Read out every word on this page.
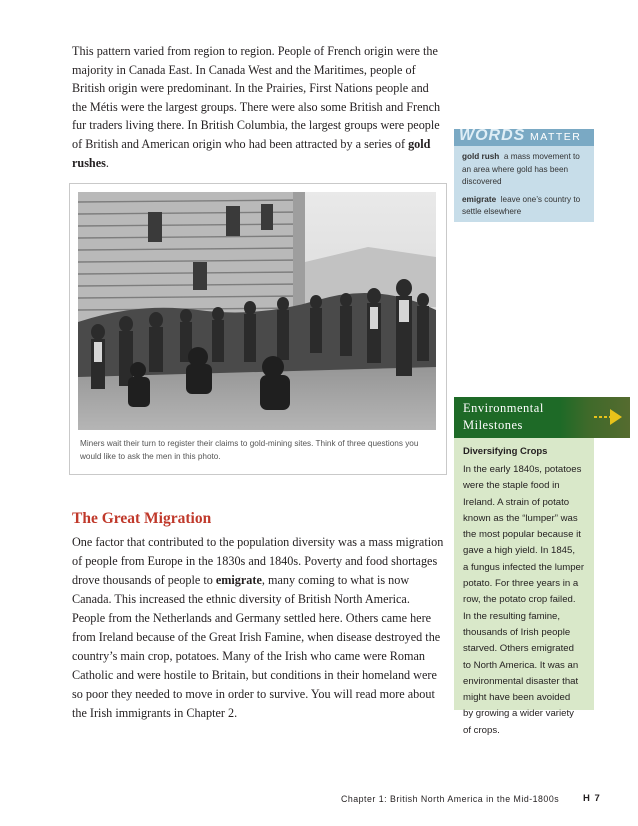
This pattern varied from region to region. People of French origin were the majority in Canada East. In Canada West and the Maritimes, people of British origin were predominant. In the Prairies, First Nations people and the Métis were the largest groups. There were also some British and French fur traders living there. In British Columbia, the largest groups were people of British and American origin who had been attracted by a series of gold rushes.
WORDS MATTER
gold rush a mass movement to an area where gold has been discovered
emigrate leave one’s country to settle elsewhere
Miners wait their turn to register their claims to gold-mining sites. Think of three questions you would like to ask the men in this photo.
The Great Migration
One factor that contributed to the population diversity was a mass migration of people from Europe in the 1830s and 1840s. Poverty and food shortages drove thousands of people to emigrate, many coming to what is now Canada. This increased the ethnic diversity of British North America. People from the Netherlands and Germany settled here. Others came here from Ireland because of the Great Irish Famine, when disease destroyed the country’s main crop, potatoes. Many of the Irish who came were Roman Catholic and were hostile to Britain, but conditions in their homeland were so poor they needed to move in order to survive. You will read more about the Irish immigrants in Chapter 2.
Environmental
Milestones
Diversifying Crops
In the early 1840s, potatoes
were the staple food in
Ireland. A strain of potato
known as the “lumper” was
the most popular because it
gave a high yield. In 1845,
a fungus infected the lumper
potato. For three years in a
row, the potato crop failed.
In the resulting famine,
thousands of Irish people
starved. Others emigrated
to North America. It was an
environmental disaster that
might have been avoided
by growing a wider variety
of crops.
Chapter 1: British North America in the Mid-1800s	H 7
